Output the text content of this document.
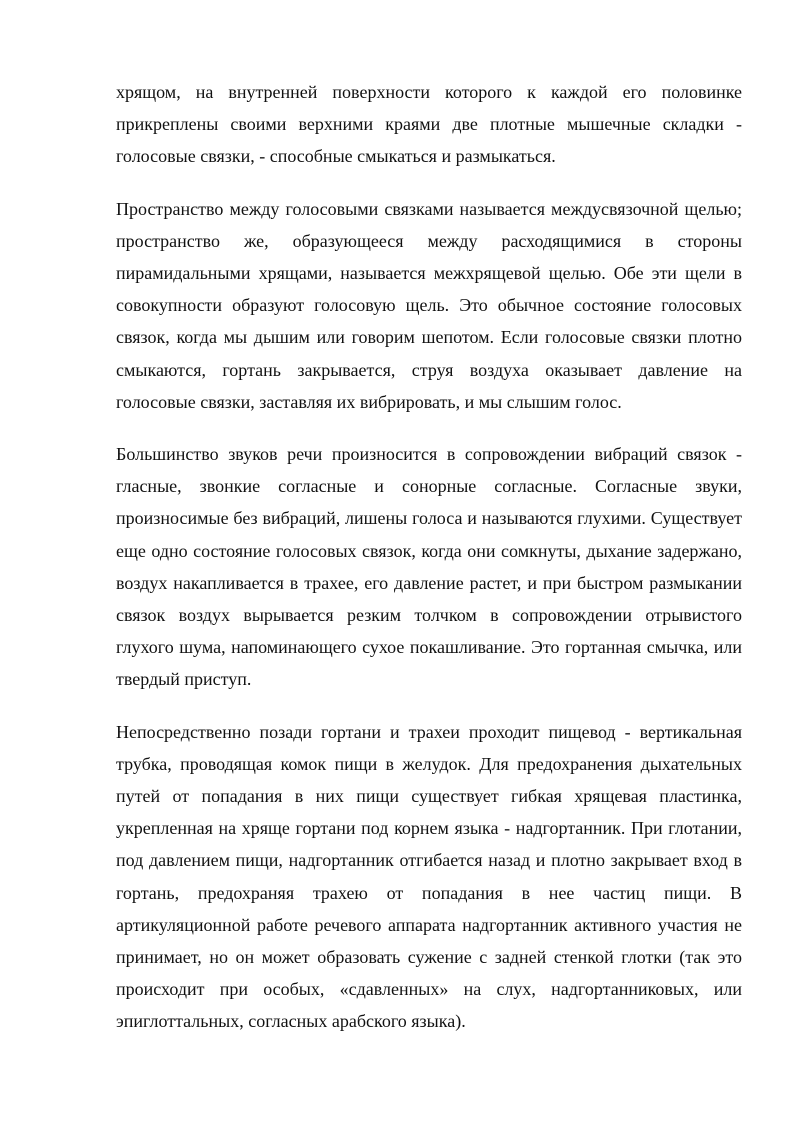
хрящом, на внутренней поверхности которого к каждой его половинке прикреплены своими верхними краями две плотные мышечные складки - голосовые связки, - способные смыкаться и размыкаться.

Пространство между голосовыми связками называется междусвязочной щелью; пространство же, образующееся между расходящимися в стороны пирамидальными хрящами, называется межхрящевой щелью. Обе эти щели в совокупности образуют голосовую щель. Это обычное состояние голосовых связок, когда мы дышим или говорим шепотом. Если голосовые связки плотно смыкаются, гортань закрывается, струя воздуха оказывает давление на голосовые связки, заставляя их вибрировать, и мы слышим голос.

Большинство звуков речи произносится в сопровождении вибраций связок - гласные, звонкие согласные и сонорные согласные. Согласные звуки, произносимые без вибраций, лишены голоса и называются глухими. Существует еще одно состояние голосовых связок, когда они сомкнуты, дыхание задержано, воздух накапливается в трахее, его давление растет, и при быстром размыкании связок воздух вырывается резким толчком в сопровождении отрывистого глухого шума, напоминающего сухое покашливание. Это гортанная смычка, или твердый приступ.

Непосредственно позади гортани и трахеи проходит пищевод - вертикальная трубка, проводящая комок пищи в желудок. Для предохранения дыхательных путей от попадания в них пищи существует гибкая хрящевая пластинка, укрепленная на хряще гортани под корнем языка - надгортанник. При глотании, под давлением пищи, надгортанник отгибается назад и плотно закрывает вход в гортань, предохраняя трахею от попадания в нее частиц пищи. В артикуляционной работе речевого аппарата надгортанник активного участия не принимает, но он может образовать сужение с задней стенкой глотки (так это происходит при особых, «сдавленных» на слух, надгортанниковых, или эпиглоттальных, согласных арабского языка).
